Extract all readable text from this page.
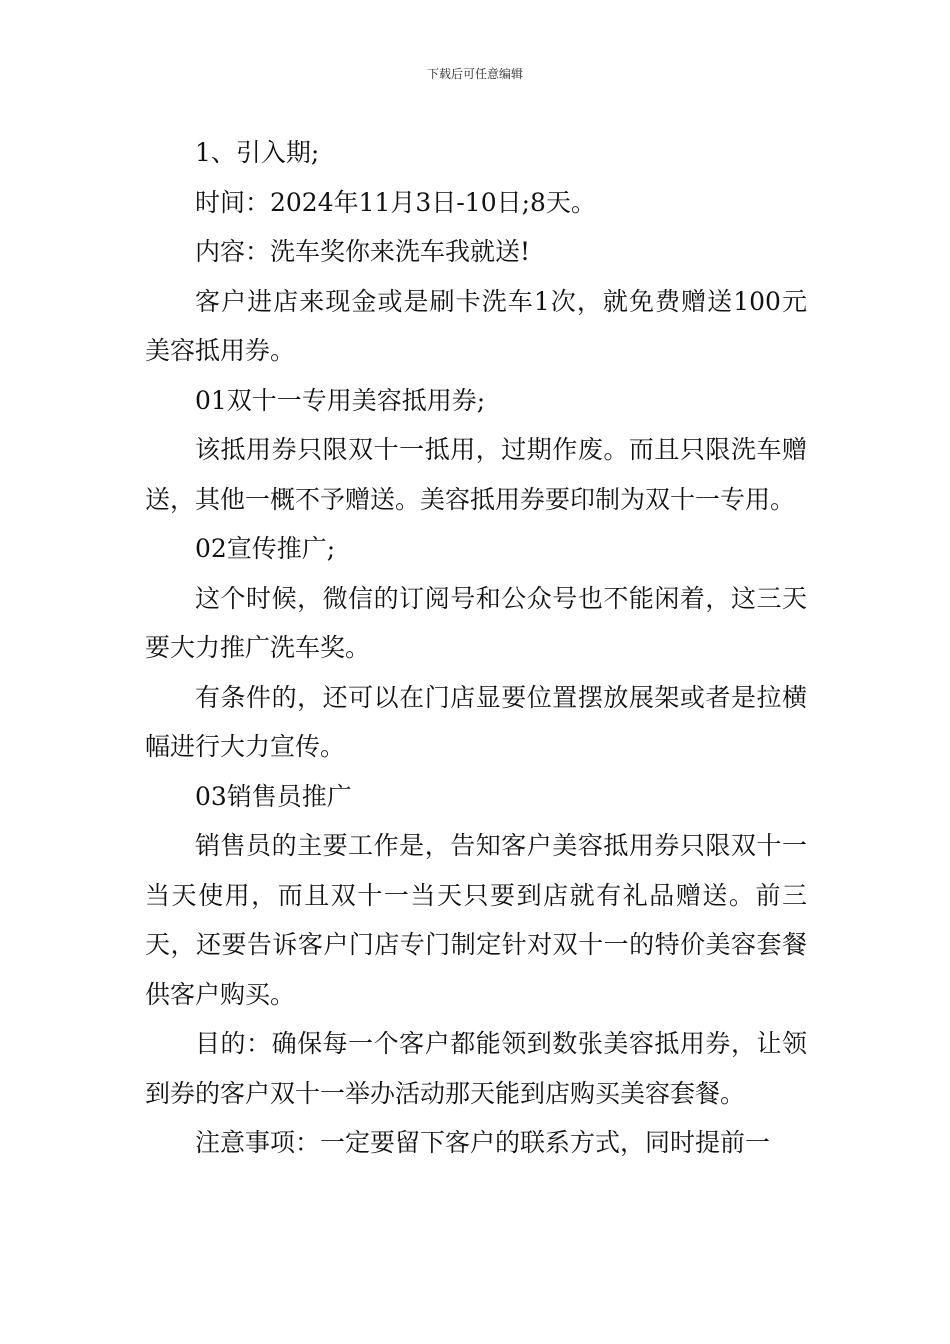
下载后可任意编辑

1、引入期;

时间：2024年11月3日-10日;8天。

内容：洗车奖你来洗车我就送!

客户进店来现金或是刷卡洗车1次，就免费赠送100元美容抵用券。

01双十一专用美容抵用券;

该抵用券只限双十一抵用，过期作废。而且只限洗车赠送，其他一概不予赠送。美容抵用券要印制为双十一专用。

02宣传推广;

这个时候，微信的订阅号和公众号也不能闲着，这三天要大力推广洗车奖。

有条件的，还可以在门店显要位置摆放展架或者是拉横幅进行大力宣传。

03销售员推广

销售员的主要工作是，告知客户美容抵用券只限双十一当天使用，而且双十一当天只要到店就有礼品赠送。前三天，还要告诉客户门店专门制定针对双十一的特价美容套餐供客户购买。

目的：确保每一个客户都能领到数张美容抵用券，让领到券的客户双十一举办活动那天能到店购买美容套餐。

注意事项：一定要留下客户的联系方式，同时提前一
